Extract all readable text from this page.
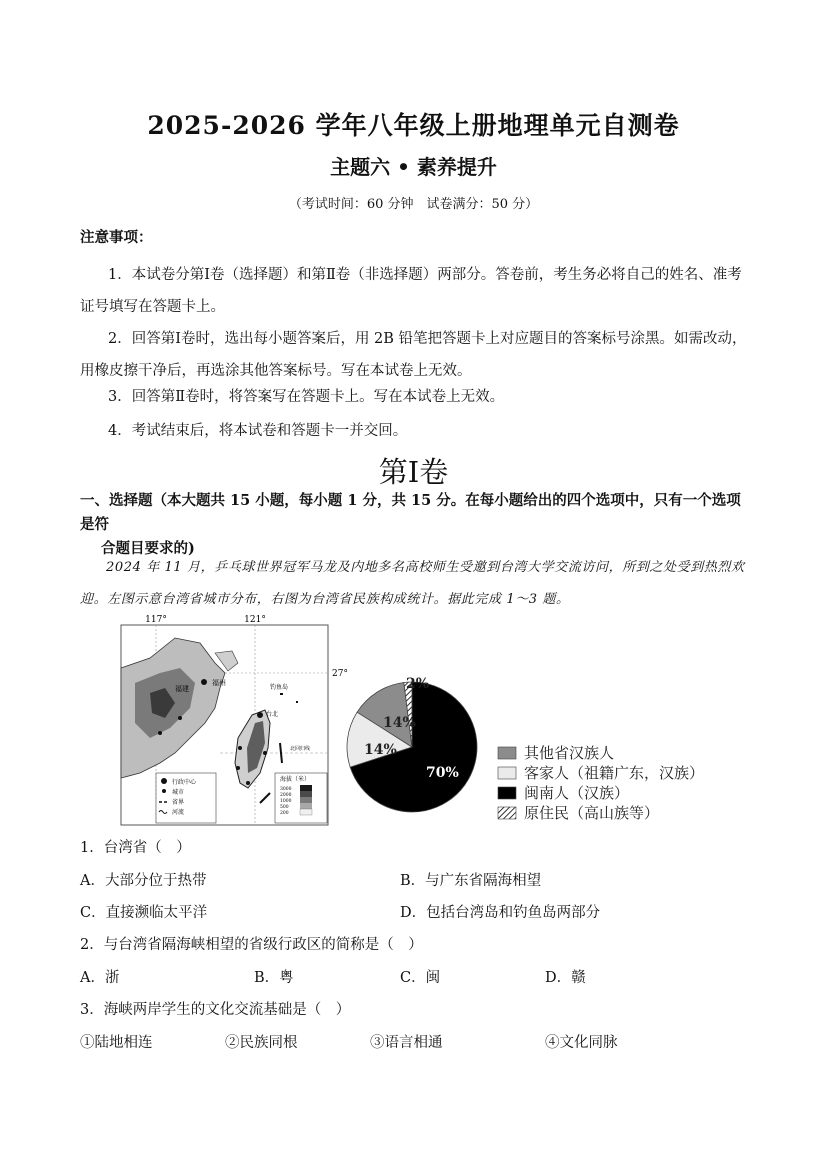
2025-2026 学年八年级上册地理单元自测卷
主题六 • 素养提升
（考试时间：60 分钟　试卷满分：50 分）
注意事项：
1．本试卷分第Ⅰ卷（选择题）和第Ⅱ卷（非选择题）两部分。答卷前，考生务必将自己的姓名、准考证号填写在答题卡上。
2．回答第Ⅰ卷时，选出每小题答案后，用 2B 铅笔把答题卡上对应题目的答案标号涂黑。如需改动，用橡皮擦干净后，再选涂其他答案标号。写在本试卷上无效。
3．回答第Ⅱ卷时，将答案写在答题卡上。写在本试卷上无效。
4．考试结束后，将本试卷和答题卡一并交回。
第Ⅰ卷
一、选择题（本大题共 15 小题，每小题 1 分，共 15 分。在每小题给出的四个选项中，只有一个选项是符
合题目要求的)
2024 年 11 月，乒乓球世界冠军马龙及内地多名高校师生受邀到台湾大学交流访问，所到之处受到热烈欢迎。左图示意台湾省城市分布，右图为台湾省民族构成统计。据此完成 1～3 题。
117°	121°
27°
福建
福州
钓鱼岛
台北
北回归线
行政中心
城市
省界
河流
海拔（米）
3000
2000
1000
500
200
70%
14%
14%
2%
其他省汉族人
客家人（祖籍广东，汉族）
闽南人（汉族）
原住民（高山族等）
1．台湾省（　）
A．大部分位于热带	B．与广东省隔海相望
C．直接濒临太平洋	D．包括台湾岛和钓鱼岛两部分
2．与台湾省隔海峡相望的省级行政区的简称是（　）
A．浙	B．粤	C．闽	D．赣
3．海峡两岸学生的文化交流基础是（　）
①陆地相连	②民族同根	③语言相通	④文化同脉
